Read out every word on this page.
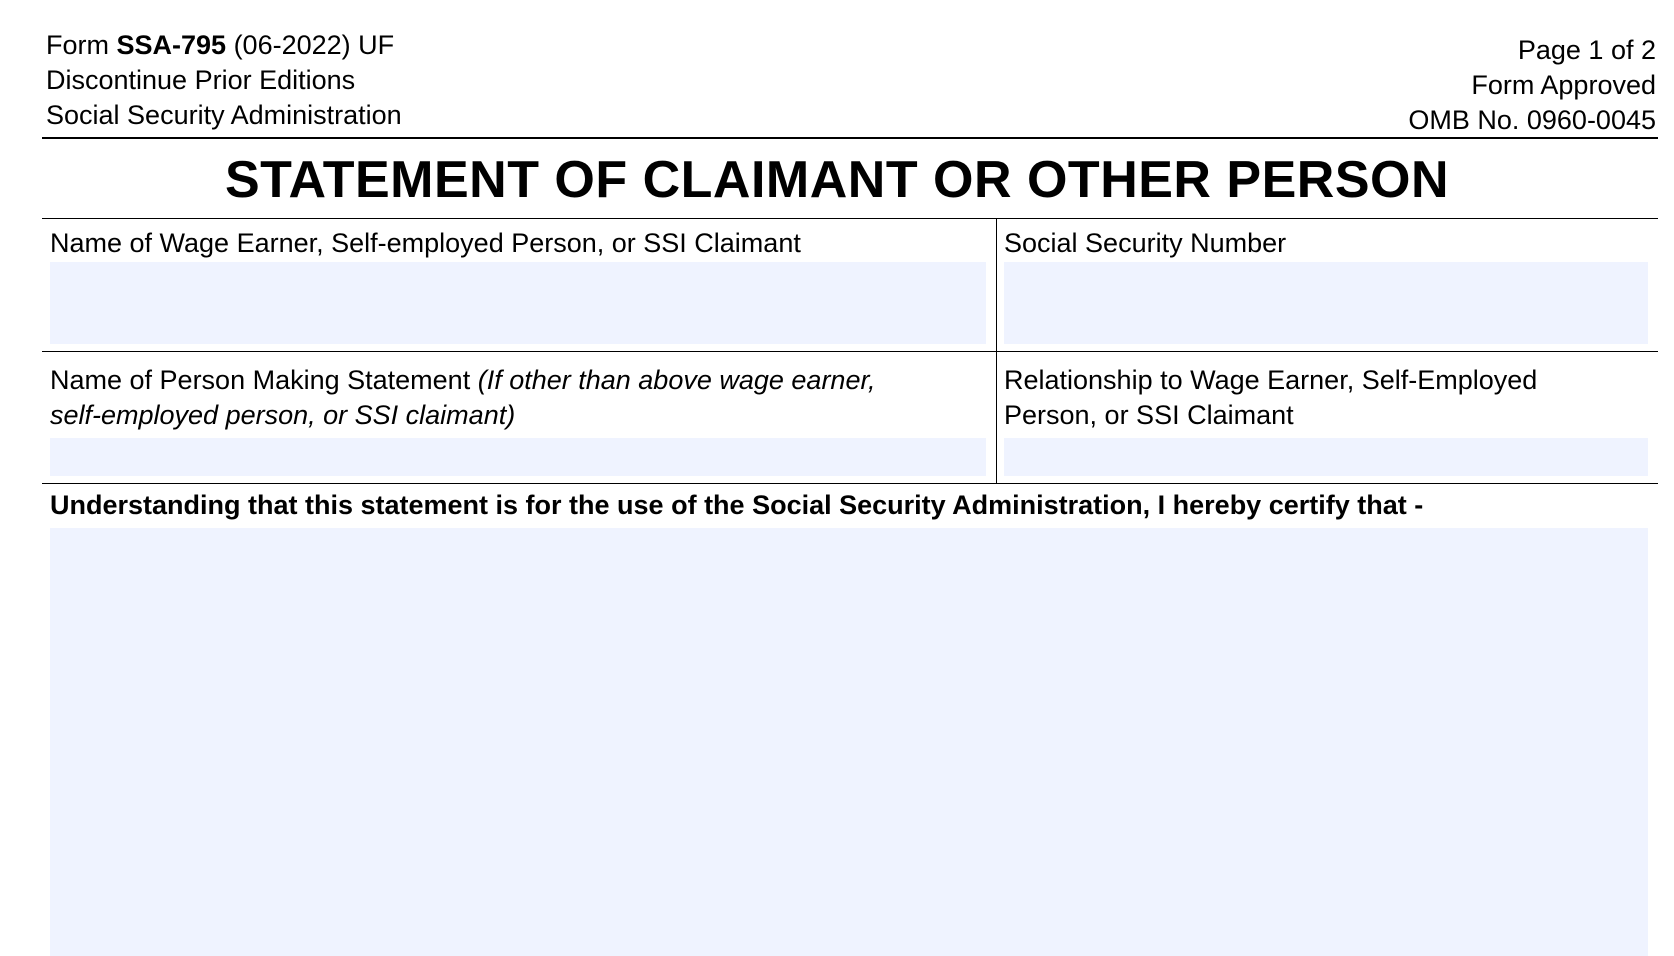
Form SSA-795 (06-2022) UF
Discontinue Prior Editions
Social Security Administration
Page 1 of 2
Form Approved
OMB No. 0960-0045
STATEMENT OF CLAIMANT OR OTHER PERSON
Name of Wage Earner, Self-employed Person, or SSI Claimant	Social Security Number
Name of Person Making Statement (If other than above wage earner,
self-employed person, or SSI claimant)
Relationship to Wage Earner, Self-Employed
Person, or SSI Claimant
Understanding that this statement is for the use of the Social Security Administration, I hereby certify that -
